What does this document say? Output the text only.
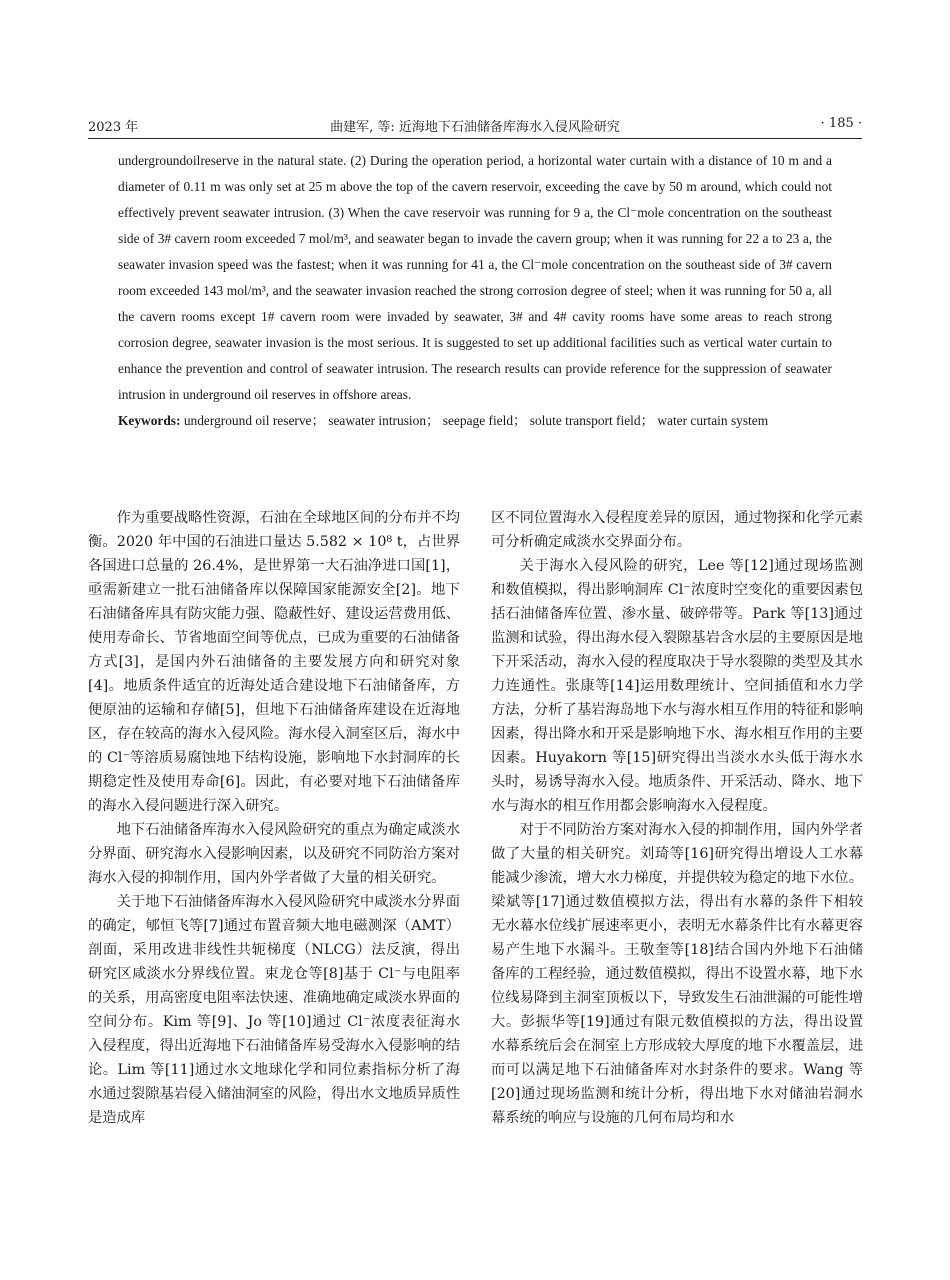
2023 年	曲建军, 等: 近海地下石油储备库海水入侵风险研究	· 185 ·

undergroundoilreserve in the natural state. (2) During the operation period, a horizontal water curtain with a distance of 10 m and a diameter of 0.11 m was only set at 25 m above the top of the cavern reservoir, exceeding the cave by 50 m around, which could not effectively prevent seawater intrusion. (3) When the cave reservoir was running for 9 a, the Cl⁻mole concentration on the southeast side of 3# cavern room exceeded 7 mol/m³, and seawater began to invade the cavern group; when it was running for 22 a to 23 a, the seawater invasion speed was the fastest; when it was running for 41 a, the Cl⁻mole concentration on the southeast side of 3# cavern room exceeded 143 mol/m³, and the seawater invasion reached the strong corrosion degree of steel; when it was running for 50 a, all the cavern rooms except 1# cavern room were invaded by seawater, 3# and 4# cavity rooms have some areas to reach strong corrosion degree, seawater invasion is the most serious. It is suggested to set up additional facilities such as vertical water curtain to enhance the prevention and control of seawater intrusion. The research results can provide reference for the suppression of seawater intrusion in underground oil reserves in offshore areas.

Keywords: underground oil reserve； seawater intrusion； seepage field； solute transport field； water curtain system

作为重要战略性资源，石油在全球地区间的分布并不均衡。2020 年中国的石油进口量达 5.582 × 10⁸ t，占世界各国进口总量的 26.4%，是世界第一大石油净进口国[1]，亟需新建立一批石油储备库以保障国家能源安全[2]。地下石油储备库具有防灾能力强、隐蔽性好、建设运营费用低、使用寿命长、节省地面空间等优点，已成为重要的石油储备方式[3]，是国内外石油储备的主要发展方向和研究对象[4]。地质条件适宜的近海处适合建设地下石油储备库，方便原油的运输和存储[5]，但地下石油储备库建设在近海地区，存在较高的海水入侵风险。海水侵入洞室区后，海水中的 Cl⁻等溶质易腐蚀地下结构设施，影响地下水封洞库的长期稳定性及使用寿命[6]。因此，有必要对地下石油储备库的海水入侵问题进行深入研究。

地下石油储备库海水入侵风险研究的重点为确定咸淡水分界面、研究海水入侵影响因素，以及研究不同防治方案对海水入侵的抑制作用，国内外学者做了大量的相关研究。

关于地下石油储备库海水入侵风险研究中咸淡水分界面的确定，郇恒飞等[7]通过布置音频大地电磁测深（AMT）剖面，采用改进非线性共轭梯度（NLCG）法反演，得出研究区咸淡水分界线位置。束龙仓等[8]基于 Cl⁻与电阻率的关系，用高密度电阻率法快速、准确地确定咸淡水界面的空间分布。Kim 等[9]、Jo 等[10]通过 Cl⁻浓度表征海水入侵程度，得出近海地下石油储备库易受海水入侵影响的结论。Lim 等[11]通过水文地球化学和同位素指标分析了海水通过裂隙基岩侵入储油洞室的风险，得出水文地质异质性是造成库

区不同位置海水入侵程度差异的原因，通过物探和化学元素可分析确定咸淡水交界面分布。

关于海水入侵风险的研究，Lee 等[12]通过现场监测和数值模拟，得出影响洞库 Cl⁻浓度时空变化的重要因素包括石油储备库位置、渗水量、破碎带等。Park 等[13]通过监测和试验，得出海水侵入裂隙基岩含水层的主要原因是地下开采活动，海水入侵的程度取决于导水裂隙的类型及其水力连通性。张康等[14]运用数理统计、空间插值和水力学方法，分析了基岩海岛地下水与海水相互作用的特征和影响因素，得出降水和开采是影响地下水、海水相互作用的主要因素。Huyakorn 等[15]研究得出当淡水水头低于海水水头时，易诱导海水入侵。地质条件、开采活动、降水、地下水与海水的相互作用都会影响海水入侵程度。

对于不同防治方案对海水入侵的抑制作用，国内外学者做了大量的相关研究。刘琦等[16]研究得出增设人工水幕能减少渗流，增大水力梯度，并提供较为稳定的地下水位。梁斌等[17]通过数值模拟方法，得出有水幕的条件下相较无水幕水位线扩展速率更小，表明无水幕条件比有水幕更容易产生地下水漏斗。王敬奎等[18]结合国内外地下石油储备库的工程经验，通过数值模拟，得出不设置水幕，地下水位线易降到主洞室顶板以下，导致发生石油泄漏的可能性增大。彭振华等[19]通过有限元数值模拟的方法，得出设置水幕系统后会在洞室上方形成较大厚度的地下水覆盖层，进而可以满足地下石油储备库对水封条件的要求。Wang 等[20]通过现场监测和统计分析，得出地下水对储油岩洞水幕系统的响应与设施的几何布局均和水
